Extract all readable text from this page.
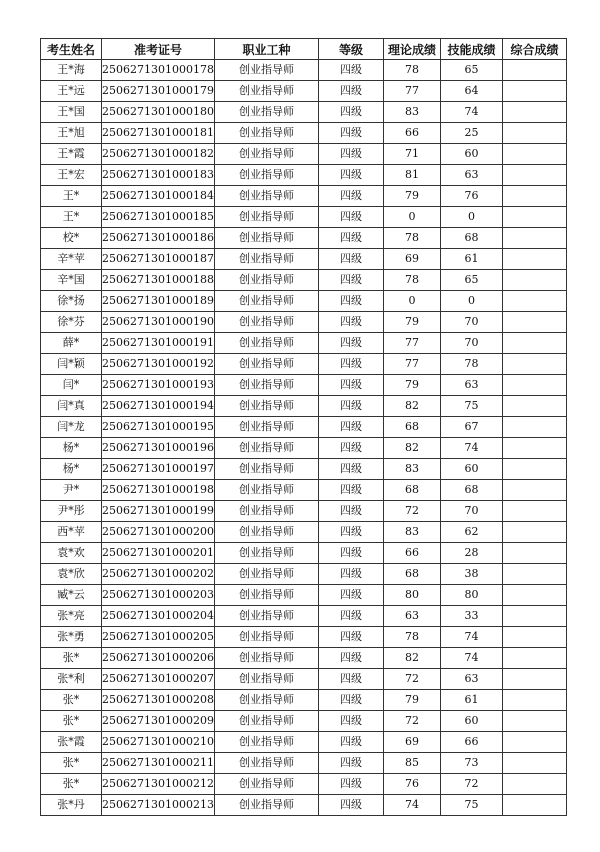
考生姓名	准考证号	职业工种	等级	理论成绩	技能成绩	综合成绩
王*海	2506271301000178	创业指导师	四级	78	65	
王*远	2506271301000179	创业指导师	四级	77	64	
王*国	2506271301000180	创业指导师	四级	83	74	
王*旭	2506271301000181	创业指导师	四级	66	25	
王*霞	2506271301000182	创业指导师	四级	71	60	
王*宏	2506271301000183	创业指导师	四级	81	63	
王*	2506271301000184	创业指导师	四级	79	76	
王*	2506271301000185	创业指导师	四级	0	0	
校*	2506271301000186	创业指导师	四级	78	68	
辛*苹	2506271301000187	创业指导师	四级	69	61	
辛*国	2506271301000188	创业指导师	四级	78	65	
徐*扬	2506271301000189	创业指导师	四级	0	0	
徐*芬	2506271301000190	创业指导师	四级	79	70	
薛*	2506271301000191	创业指导师	四级	77	70	
闫*颖	2506271301000192	创业指导师	四级	77	78	
闫*	2506271301000193	创业指导师	四级	79	63	
闫*真	2506271301000194	创业指导师	四级	82	75	
闫*龙	2506271301000195	创业指导师	四级	68	67	
杨*	2506271301000196	创业指导师	四级	82	74	
杨*	2506271301000197	创业指导师	四级	83	60	
尹*	2506271301000198	创业指导师	四级	68	68	
尹*彤	2506271301000199	创业指导师	四级	72	70	
西*苹	2506271301000200	创业指导师	四级	83	62	
袁*欢	2506271301000201	创业指导师	四级	66	28	
袁*欣	2506271301000202	创业指导师	四级	68	38	
臧*云	2506271301000203	创业指导师	四级	80	80	
张*亮	2506271301000204	创业指导师	四级	63	33	
张*勇	2506271301000205	创业指导师	四级	78	74	
张*	2506271301000206	创业指导师	四级	82	74	
张*利	2506271301000207	创业指导师	四级	72	63	
张*	2506271301000208	创业指导师	四级	79	61	
张*	2506271301000209	创业指导师	四级	72	60	
张*霞	2506271301000210	创业指导师	四级	69	66	
张*	2506271301000211	创业指导师	四级	85	73	
张*	2506271301000212	创业指导师	四级	76	72	
张*丹	2506271301000213	创业指导师	四级	74	75	
